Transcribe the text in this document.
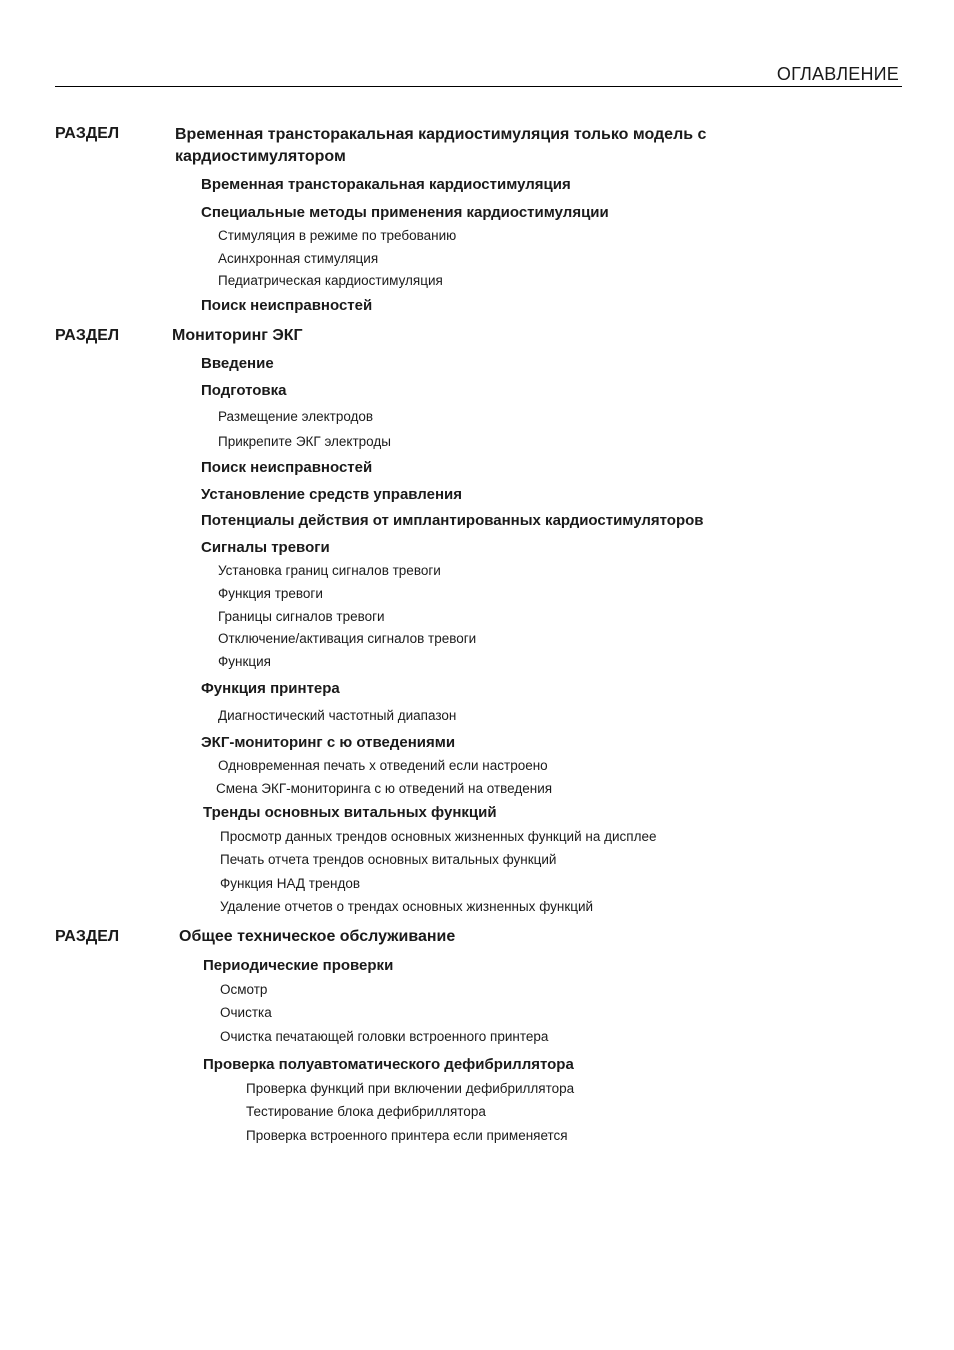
ОГЛАВЛЕНИЕ
РАЗДЕЛ	Временная трансторакальная кардиостимуляция только модель с кардиостимулятором
Временная трансторакальная кардиостимуляция
Специальные методы применения кардиостимуляции
Стимуляция в режиме по требованию
Асинхронная стимуляция
Педиатрическая кардиостимуляция
Поиск неисправностей
РАЗДЕЛ	Мониторинг ЭКГ
Введение
Подготовка
Размещение электродов
Прикрепите ЭКГ электроды
Поиск неисправностей
Установление средств управления
Потенциалы действия от имплантированных кардиостимуляторов
Сигналы тревоги
Установка границ сигналов тревоги
Функция тревоги
Границы сигналов тревоги
Отключение/активация сигналов тревоги
Функция
Функция принтера
Диагностический частотный диапазон
ЭКГ-мониторинг с ю отведениями
Одновременная печать х отведений если настроено
Смена ЭКГ-мониторинга с ю отведений на отведения
Тренды основных витальных функций
Просмотр данных трендов основных жизненных функций на дисплее
Печать отчета трендов основных витальных функций
Функция НАД трендов
Удаление отчетов о трендах основных жизненных функций
РАЗДЕЛ	Общее техническое обслуживание
Периодические проверки
Осмотр
Очистка
Очистка печатающей головки встроенного принтера
Проверка полуавтоматического дефибриллятора
Проверка функций при включении дефибриллятора
Тестирование блока дефибриллятора
Проверка встроенного принтера если применяется
